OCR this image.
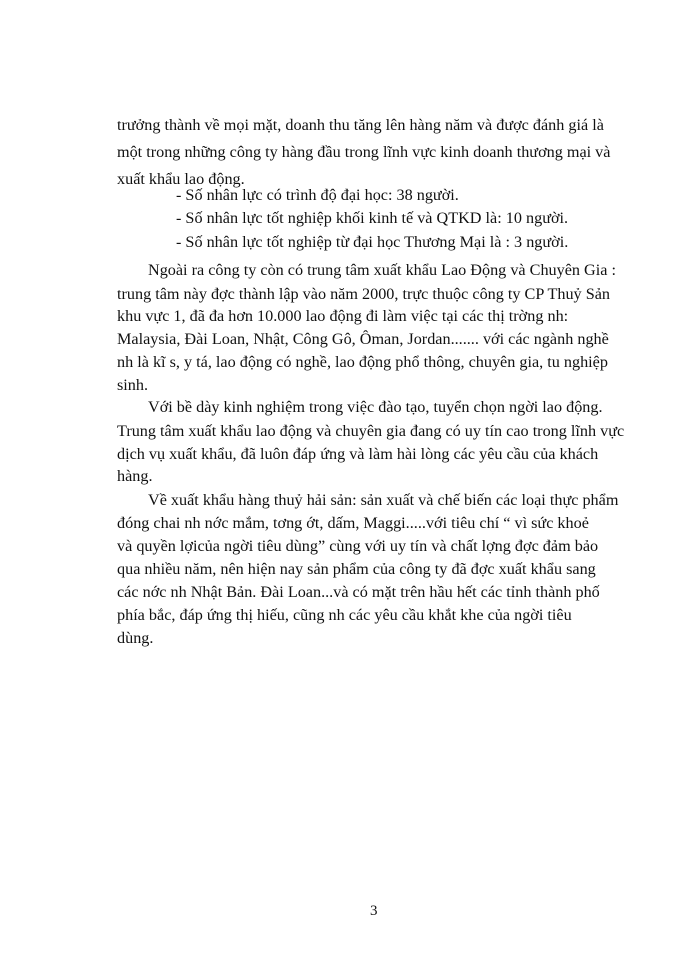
trưởng thành về mọi mặt, doanh thu tăng lên hàng năm và được đánh giá là
một trong những công ty hàng đầu trong lĩnh vực kinh doanh thương mại và
xuất khẩu lao động.
- Số nhân lực có trình độ đại học: 38 người.
- Số nhân lực tốt nghiệp khối kinh tế và QTKD là: 10 người.
- Số nhân lực tốt nghiệp từ đại học Thương Mại là : 3 người.
Ngoài ra công ty còn có trung tâm xuất khẩu Lao Động và Chuyên Gia :
trung tâm này đợc thành lập vào năm 2000, trực thuộc công ty CP Thuỷ Sản
khu vực 1, đã đa hơn 10.000 lao động đi làm việc tại các thị trờng nh:
Malaysia, Đài Loan, Nhật, Công Gô, Ôman, Jordan....... với các ngành nghề
nh là kĩ s, y tá, lao động có nghề, lao động phổ thông, chuyên gia, tu nghiệp
sinh.
Với bề dày kinh nghiệm trong việc đào tạo, tuyển chọn ngời lao động.
Trung tâm xuất khẩu lao động và chuyên gia đang có uy tín cao trong lĩnh vực
dịch vụ xuất khẩu, đã luôn đáp ứng và làm hài lòng các yêu cầu của khách
hàng.
Về xuất khẩu hàng thuỷ hải sản: sản xuất và chế biến các loại thực phẩm
đóng chai nh nớc mắm, tơng ớt, dấm, Maggi.....với tiêu chí “ vì sức khoẻ
và quyền lợicủa ngời tiêu dùng” cùng với uy tín và chất lợng đợc đảm bảo
qua nhiều năm, nên hiện nay sản phẩm của công ty đã đợc xuất khẩu sang
các nớc nh Nhật Bản. Đài Loan...và có mặt trên hầu hết các tỉnh thành phố
phía bắc, đáp ứng thị hiếu, cũng nh các yêu cầu khắt khe của ngời tiêu
dùng.
3
